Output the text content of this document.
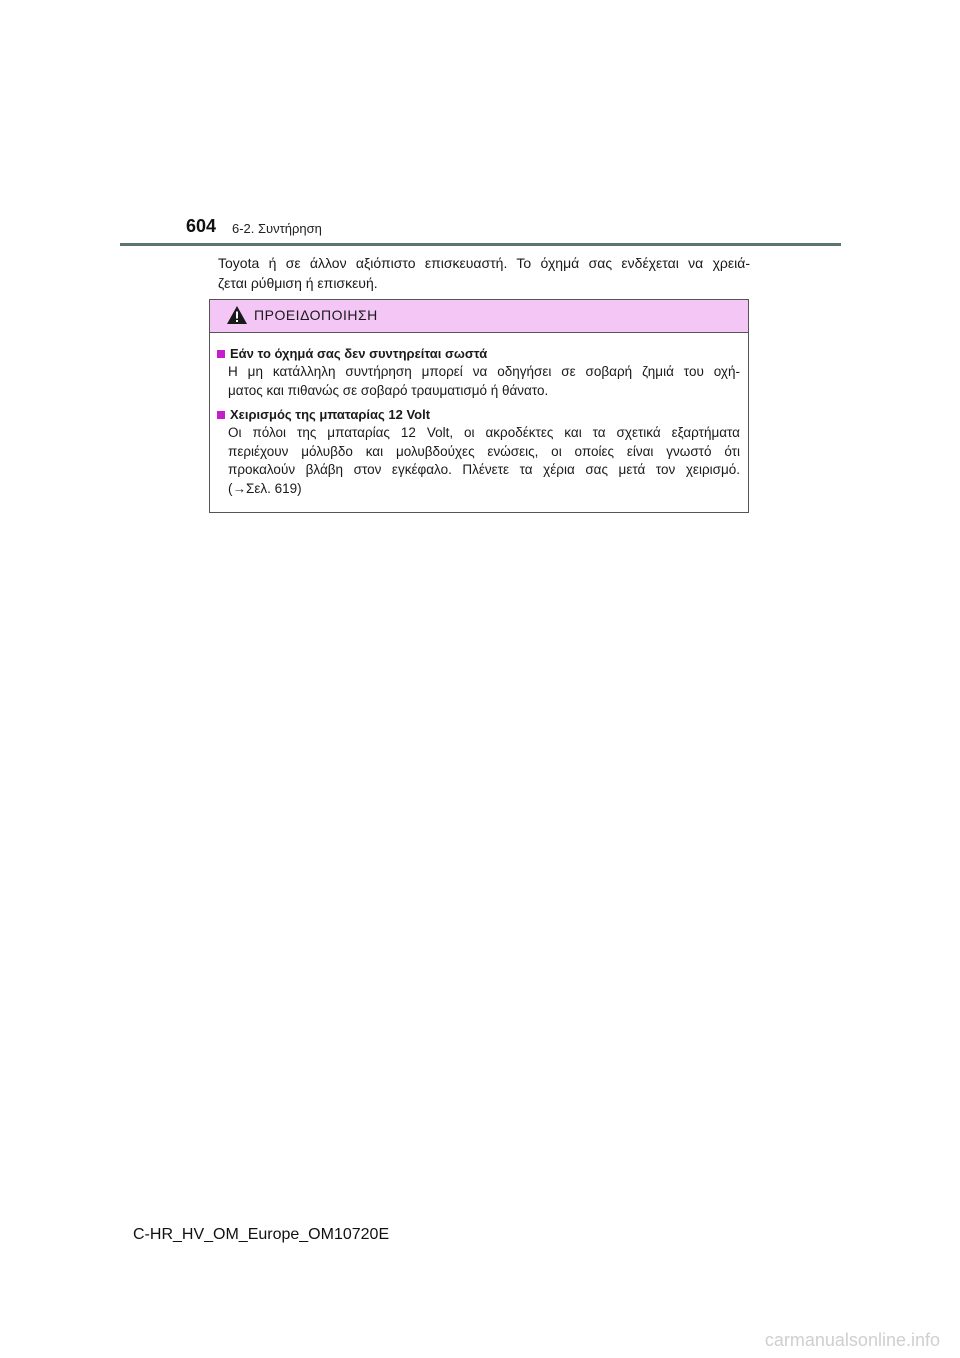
604 6-2. Συντήρηση
Toyota ή σε άλλον αξιόπιστο επισκευαστή. Το όχημά σας ενδέχεται να χρειά-
ζεται ρύθμιση ή επισκευή.
ΠΡΟΕΙΔΟΠΟΙΗΣΗ
Εάν το όχημά σας δεν συντηρείται σωστά
Η μη κατάλληλη συντήρηση μπορεί να οδηγήσει σε σοβαρή ζημιά του οχή-
ματος και πιθανώς σε σοβαρό τραυματισμό ή θάνατο.
Χειρισμός της μπαταρίας 12 Volt
Οι πόλοι της μπαταρίας 12 Volt, οι ακροδέκτες και τα σχετικά εξαρτήματα
περιέχουν μόλυβδο και μολυβδούχες ενώσεις, οι οποίες είναι γνωστό ότι
προκαλούν βλάβη στον εγκέφαλο. Πλένετε τα χέρια σας μετά τον χειρισμό.
(→Σελ. 619)
C-HR_HV_OM_Europe_OM10720E
carmanualsonline.info
